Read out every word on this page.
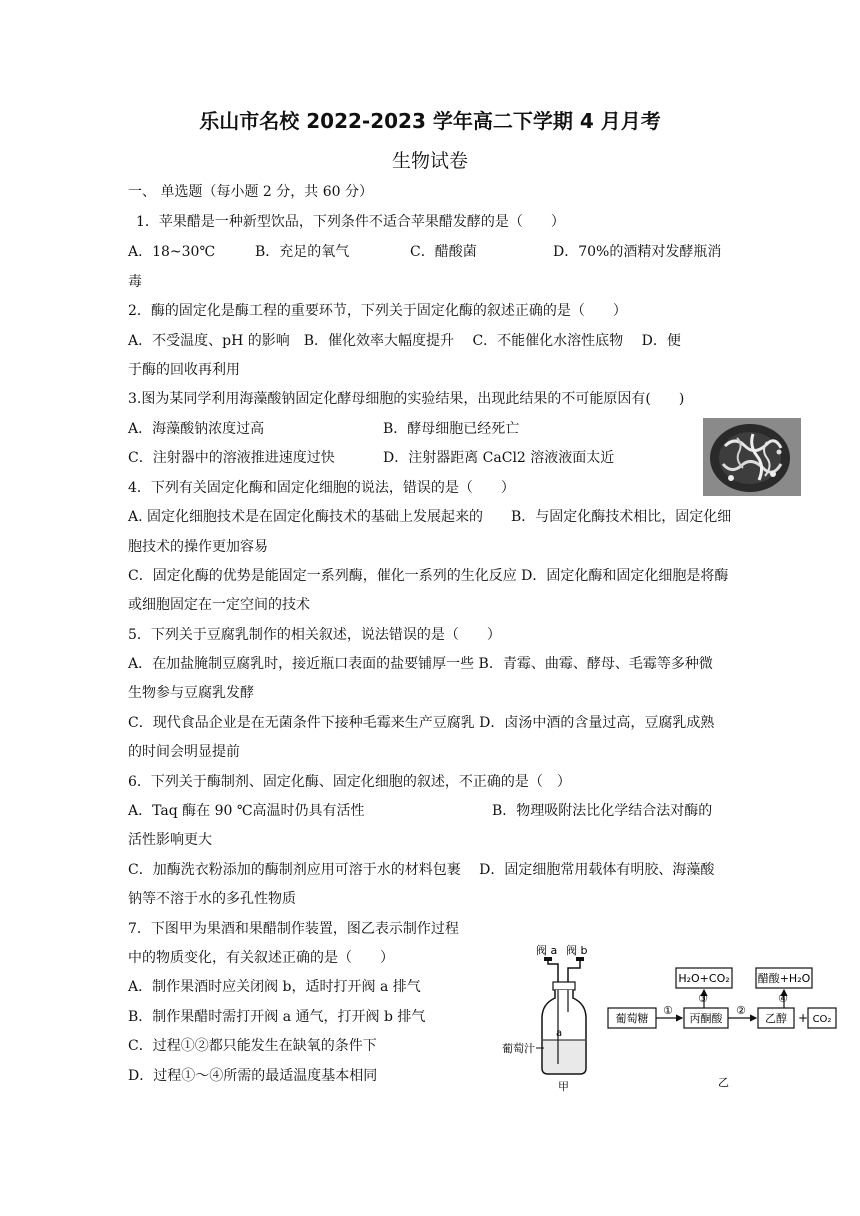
乐山市名校 2022-2023 学年高二下学期 4 月月考
生物试卷
一、 单选题（每小题 2 分，共 60 分）
1．苹果醋是一种新型饮品，下列条件不适合苹果醋发酵的是（　　）
A．18~30℃	B．充足的氧气	C．醋酸菌	D．70%的酒精对发酵瓶消
毒
2．酶的固定化是酶工程的重要环节，下列关于固定化酶的叙述正确的是（　　）
A．不受温度、pH 的影响　B．催化效率大幅度提升　 C．不能催化水溶性底物　 D．便
于酶的回收再利用
3.图为某同学利用海藻酸钠固定化酵母细胞的实验结果，出现此结果的不可能原因有(　　)
A．海藻酸钠浓度过高	B．酵母细胞已经死亡
C．注射器中的溶液推进速度过快	D．注射器距离 CaCl2 溶液液面太近
4．下列有关固定化酶和固定化细胞的说法，错误的是（　　）
A. 固定化细胞技术是在固定化酶技术的基础上发展起来的　　B．与固定化酶技术相比，固定化细
胞技术的操作更加容易
C．固定化酶的优势是能固定一系列酶，催化一系列的生化反应 D．固定化酶和固定化细胞是将酶
或细胞固定在一定空间的技术
5．下列关于豆腐乳制作的相关叙述，说法错误的是（　　）
A．在加盐腌制豆腐乳时，接近瓶口表面的盐要铺厚一些 B．青霉、曲霉、酵母、毛霉等多种微
生物参与豆腐乳发酵
C．现代食品企业是在无菌条件下接种毛霉来生产豆腐乳 D．卤汤中酒的含量过高，豆腐乳成熟
的时间会明显提前
6．下列关于酶制剂、固定化酶、固定化细胞的叙述，不正确的是（　）
A．Taq 酶在 90 ℃高温时仍具有活性	B．物理吸附法比化学结合法对酶的
活性影响更大
C．加酶洗衣粉添加的酶制剂应用可溶于水的材料包裹　 D．固定细胞常用载体有明胶、海藻酸
钠等不溶于水的多孔性物质
7．下图甲为果酒和果醋制作装置，图乙表示制作过程
中的物质变化，有关叙述正确的是（　　）
A．制作果酒时应关闭阀 b，适时打开阀 a 排气
B．制作果醋时需打开阀 a 通气，打开阀 b 排气
C．过程①②都只能发生在缺氧的条件下
D．过程①～④所需的最适温度基本相同
阀 a 阀 b
a
葡萄汁
甲
H₂O+CO₂	醋酸+H₂O
③	④
葡萄糖
①
丙酮酸
②
乙醇 + CO₂
乙
